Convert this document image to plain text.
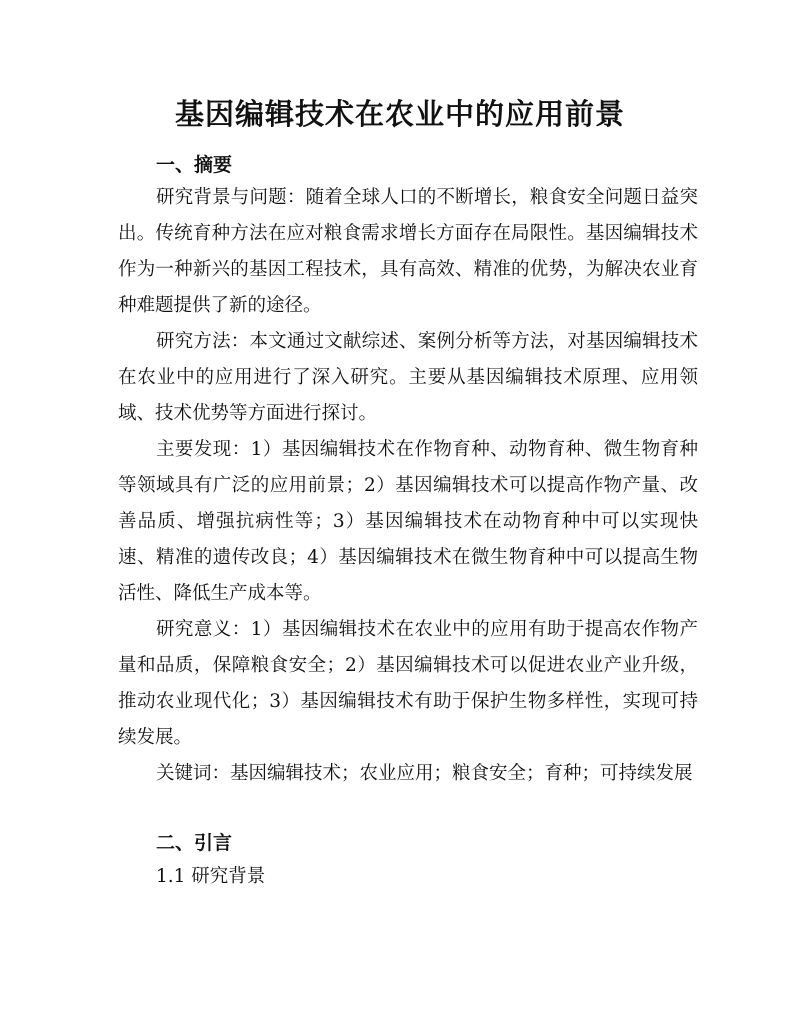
基因编辑技术在农业中的应用前景
一、摘要

研究背景与问题：随着全球人口的不断增长，粮食安全问题日益突出。传统育种方法在应对粮食需求增长方面存在局限性。基因编辑技术作为一种新兴的基因工程技术，具有高效、精准的优势，为解决农业育种难题提供了新的途径。

研究方法：本文通过文献综述、案例分析等方法，对基因编辑技术在农业中的应用进行了深入研究。主要从基因编辑技术原理、应用领域、技术优势等方面进行探讨。

主要发现：1）基因编辑技术在作物育种、动物育种、微生物育种等领域具有广泛的应用前景；2）基因编辑技术可以提高作物产量、改善品质、增强抗病性等；3）基因编辑技术在动物育种中可以实现快速、精准的遗传改良；4）基因编辑技术在微生物育种中可以提高生物活性、降低生产成本等。

研究意义：1）基因编辑技术在农业中的应用有助于提高农作物产量和品质，保障粮食安全；2）基因编辑技术可以促进农业产业升级，推动农业现代化；3）基因编辑技术有助于保护生物多样性，实现可持续发展。

关键词：基因编辑技术；农业应用；粮食安全；育种；可持续发展

二、引言

1.1 研究背景
